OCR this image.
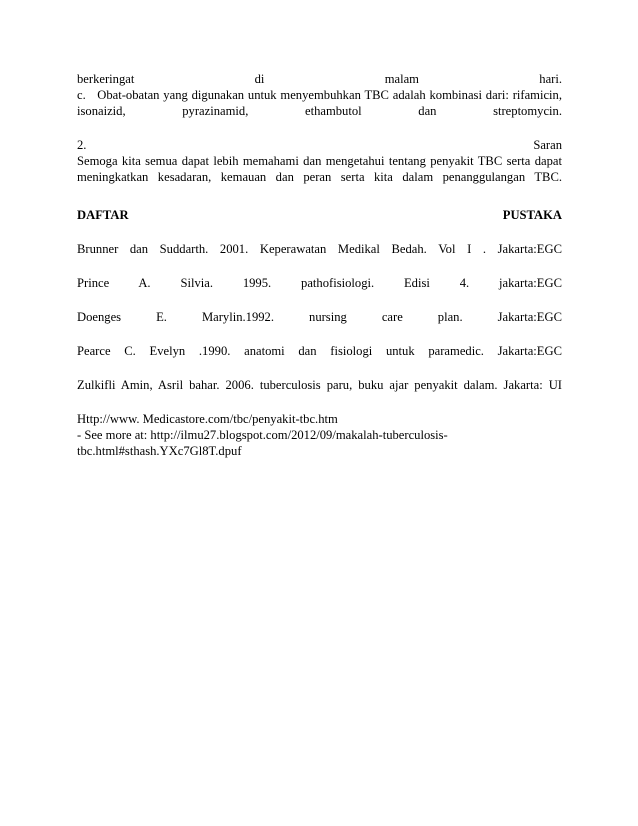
berkeringat	di	malam	hari.
c.   Obat-obatan yang digunakan untuk menyembuhkan TBC adalah kombinasi dari: rifamicin,
isonaizid, pyrazinamid, ethambutol dan streptomycin.
2.	Saran
Semoga kita semua dapat lebih memahami dan mengetahui tentang penyakit TBC serta dapat
meningkatkan kesadaran, kemauan dan peran serta kita dalam penanggulangan TBC.
DAFTAR	PUSTAKA
Brunner dan Suddarth. 2001. Keperawatan Medikal Bedah. Vol I . Jakarta:EGC
Prince A. Silvia. 1995. pathofisiologi. Edisi 4. jakarta:EGC
Doenges E. Marylin.1992. nursing care plan. Jakarta:EGC
Pearce C. Evelyn .1990. anatomi dan fisiologi untuk paramedic. Jakarta:EGC
Zulkifli Amin, Asril bahar. 2006. tuberculosis paru, buku ajar penyakit dalam. Jakarta: UI
Http://www. Medicastore.com/tbc/penyakit-tbc.htm
- See more at: http://ilmu27.blogspot.com/2012/09/makalah-tuberculosis-
tbc.html#sthash.YXc7Gl8T.dpuf
